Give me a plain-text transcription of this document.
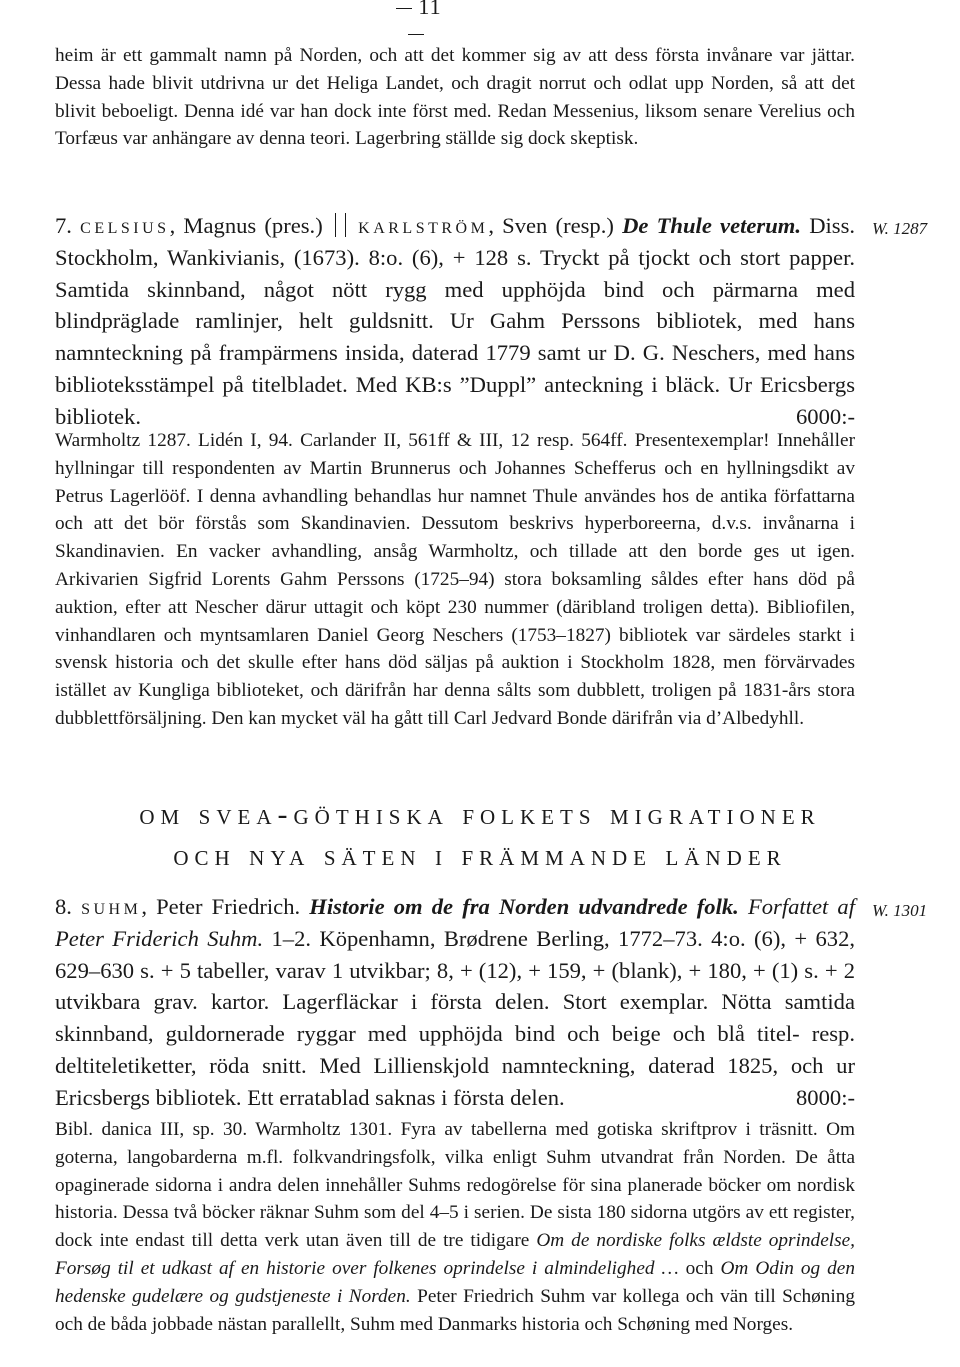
11
heim är ett gammalt namn på Norden, och att det kommer sig av att dess första invånare var jättar. Dessa hade blivit utdrivna ur det Heliga Landet, och dragit norrut och odlat upp Norden, så att det blivit beboeligt. Denna idé var han dock inte först med. Redan Messenius, liksom senare Verelius och Torfæus var anhängare av denna teori. Lagerbring ställde sig dock skeptisk.
7. celsius, Magnus (pres.) karlström, Sven (resp.) De Thule veterum. Diss. Stockholm, Wankivianis, (1673). 8:o. (6), + 128 s. Tryckt på tjockt och stort papper. Samtida skinnband, något nött rygg med upphöjda bind och pärmarna med blindpräglade ramlinjer, helt guldsnitt. Ur Gahm Perssons bibliotek, med hans namnteckning på frampärmens insida, daterad 1779 samt ur D. G. Neschers, med hans biblioteksstämpel på titelbladet. Med KB:s ”Duppl” anteckning i bläck. Ur Ericsbergs bibliotek.	6000:-
W. 1287
Warmholtz 1287. Lidén I, 94. Carlander II, 561ff & III, 12 resp. 564ff. Presentexemplar! Innehåller hyllningar till respondenten av Martin Brunnerus och Johannes Schefferus och en hyllningsdikt av Petrus Lagerlööf. I denna avhandling behandlas hur namnet Thule användes hos de antika författarna och att det bör förstås som Skandinavien. Dessutom beskrivs hyperboreerna, d.v.s. invånarna i Skandinavien. En vacker avhandling, ansåg Warmholtz, och tillade att den borde ges ut igen. Arkivarien Sigfrid Lorents Gahm Perssons (1725–94) stora boksamling såldes efter hans död på auktion, efter att Nescher därur uttagit och köpt 230 nummer (däribland troligen detta). Bibliofilen, vinhandlaren och myntsamlaren Daniel Georg Neschers (1753–1827) bibliotek var särdeles starkt i svensk historia och det skulle efter hans död säljas på auktion i Stockholm 1828, men förvärvades istället av Kungliga biblioteket, och därifrån har denna sålts som dubblett, troligen på 1831-års stora dubblettförsäljning. Den kan mycket väl ha gått till Carl Jedvard Bonde därifrån via d’Albedyhll.
om svea-göthiska folkets migrationer
och nya säten i främmande länder
8. suhm, Peter Friedrich. Historie om de fra Norden udvandrede folk. Forfattet af Peter Friderich Suhm. 1–2. Köpenhamn, Brødrene Berling, 1772–73. 4:o. (6), + 632, 629–630 s. + 5 tabeller, varav 1 utvikbar; 8, + (12), + 159, + (blank), + 180, + (1) s. + 2 utvikbara grav. kartor. Lagerfläckar i första delen. Stort exemplar. Nötta samtida skinnband, guldornerade ryggar med upphöjda bind och beige och blå titel- resp. deltiteletiketter, röda snitt. Med Lillienskjold namnteckning, daterad 1825, och ur Ericsbergs bibliotek. Ett erratablad saknas i första delen.	8000:-
W. 1301
Bibl. danica III, sp. 30. Warmholtz 1301. Fyra av tabellerna med gotiska skriftprov i träsnitt. Om goterna, langobarderna m.fl. folkvandringsfolk, vilka enligt Suhm utvandrat från Norden. De åtta opaginerade sidorna i andra delen innehåller Suhms redogörelse för sina planerade böcker om nordisk historia. Dessa två böcker räknar Suhm som del 4–5 i serien. De sista 180 sidorna utgörs av ett register, dock inte endast till detta verk utan även till de tre tidigare Om de nordiske folks ældste oprindelse, Forsøg til et udkast af en historie over folkenes oprindelse i almindelighed … och Om Odin og den hedenske gudelære og gudstjeneste i Norden. Peter Friedrich Suhm var kollega och vän till Schøning och de båda jobbade nästan parallellt, Suhm med Danmarks historia och Schøning med Norges.
